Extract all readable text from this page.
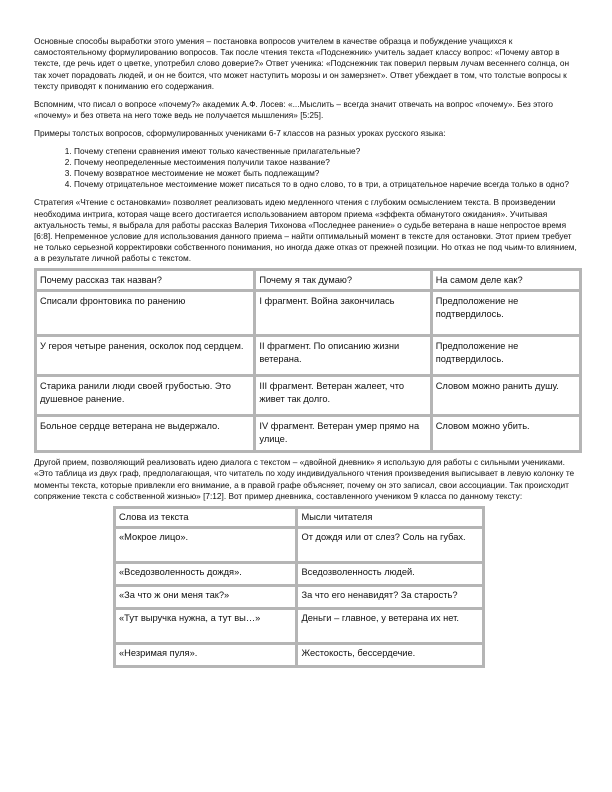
Основные способы выработки этого умения – постановка вопросов учителем в качестве образца и побуждение учащихся к самостоятельному формулированию вопросов. Так после чтения текста «Подснежник» учитель задает классу вопрос: «Почему автор в тексте, где речь идет о цветке, употребил слово доверие?» Ответ ученика: «Подснежник так поверил первым лучам весеннего солнца, он так хочет порадовать людей, и он не боится, что может наступить морозы и он замерзнет». Ответ убеждает в том, что толстые вопросы к тексту приводят к пониманию его содержания.

Вспомним, что писал о вопросе «почему?» академик А.Ф. Лосев: «...Мыслить – всегда значит отвечать на вопрос «почему». Без этого «почему» и без ответа на него тоже ведь не получается мышления» [5:25].

Примеры толстых вопросов, сформулированных учениками 6-7 классов на разных уроках русского языка:

1. Почему степени сравнения имеют только качественные прилагательные?
2. Почему неопределенные местоимения получили такое название?
3. Почему возвратное местоимение не может быть подлежащим?
4. Почему отрицательное местоимение может писаться то в одно слово, то в три, а отрицательное наречие всегда только в одно?

Стратегия «Чтение с остановками» позволяет реализовать идею медленного чтения с глубоким осмыслением текста. В произведении необходима интрига, которая чаще всего достигается использованием автором приема «эффекта обманутого ожидания». Учитывая актуальность темы, я выбрала для работы рассказ Валерия Тихонова «Последнее ранение» о судьбе ветерана в наше непростое время [6:8]. Непременное условие для использования данного приема – найти оптимальный момент в тексте для остановки. Этот прием требует не только серьезной корректировки собственного понимания, но иногда даже отказ от прежней позиции. Но отказ не под чьим-то влиянием, а в результате личной работы с текстом.

Почему рассказ так назван?	Почему я так думаю?	На самом деле как?
Списали фронтовика по ранению	I фрагмент. Война закончилась	Предположение не подтвердилось.
У героя четыре ранения, осколок под сердцем.	II фрагмент. По описанию жизни ветерана.	Предположение не подтвердилось.
Старика ранили люди своей грубостью. Это душевное ранение.	III фрагмент. Ветеран жалеет, что живет так долго.	Словом можно ранить душу.
Больное сердце ветерана не выдержало.	IV фрагмент. Ветеран умер прямо на улице.	Словом можно убить.

Другой прием, позволяющий реализовать идею диалога с текстом – «двойной дневник» я использую для работы с сильными учениками. «Это таблица из двух граф, предполагающая, что читатель по ходу индивидуального чтения произведения выписывает в левую колонку те моменты текста, которые привлекли его внимание, а в правой графе объясняет, почему он это записал, свои ассоциации. Так происходит сопряжение текста с собственной жизнью» [7:12]. Вот пример дневника, составленного учеником 9 класса по данному тексту:

Слова из текста	Мысли читателя
«Мокрое лицо».	От дождя или от слез? Соль на губах.
«Вседозволенность дождя».	Вседозволенность людей.
«За что ж они меня так?»	За что его ненавидят? За старость?
«Тут выручка нужна, а тут вы…»	Деньги – главное, у ветерана их нет.
«Незримая пуля».	Жестокость, бессердечие.
